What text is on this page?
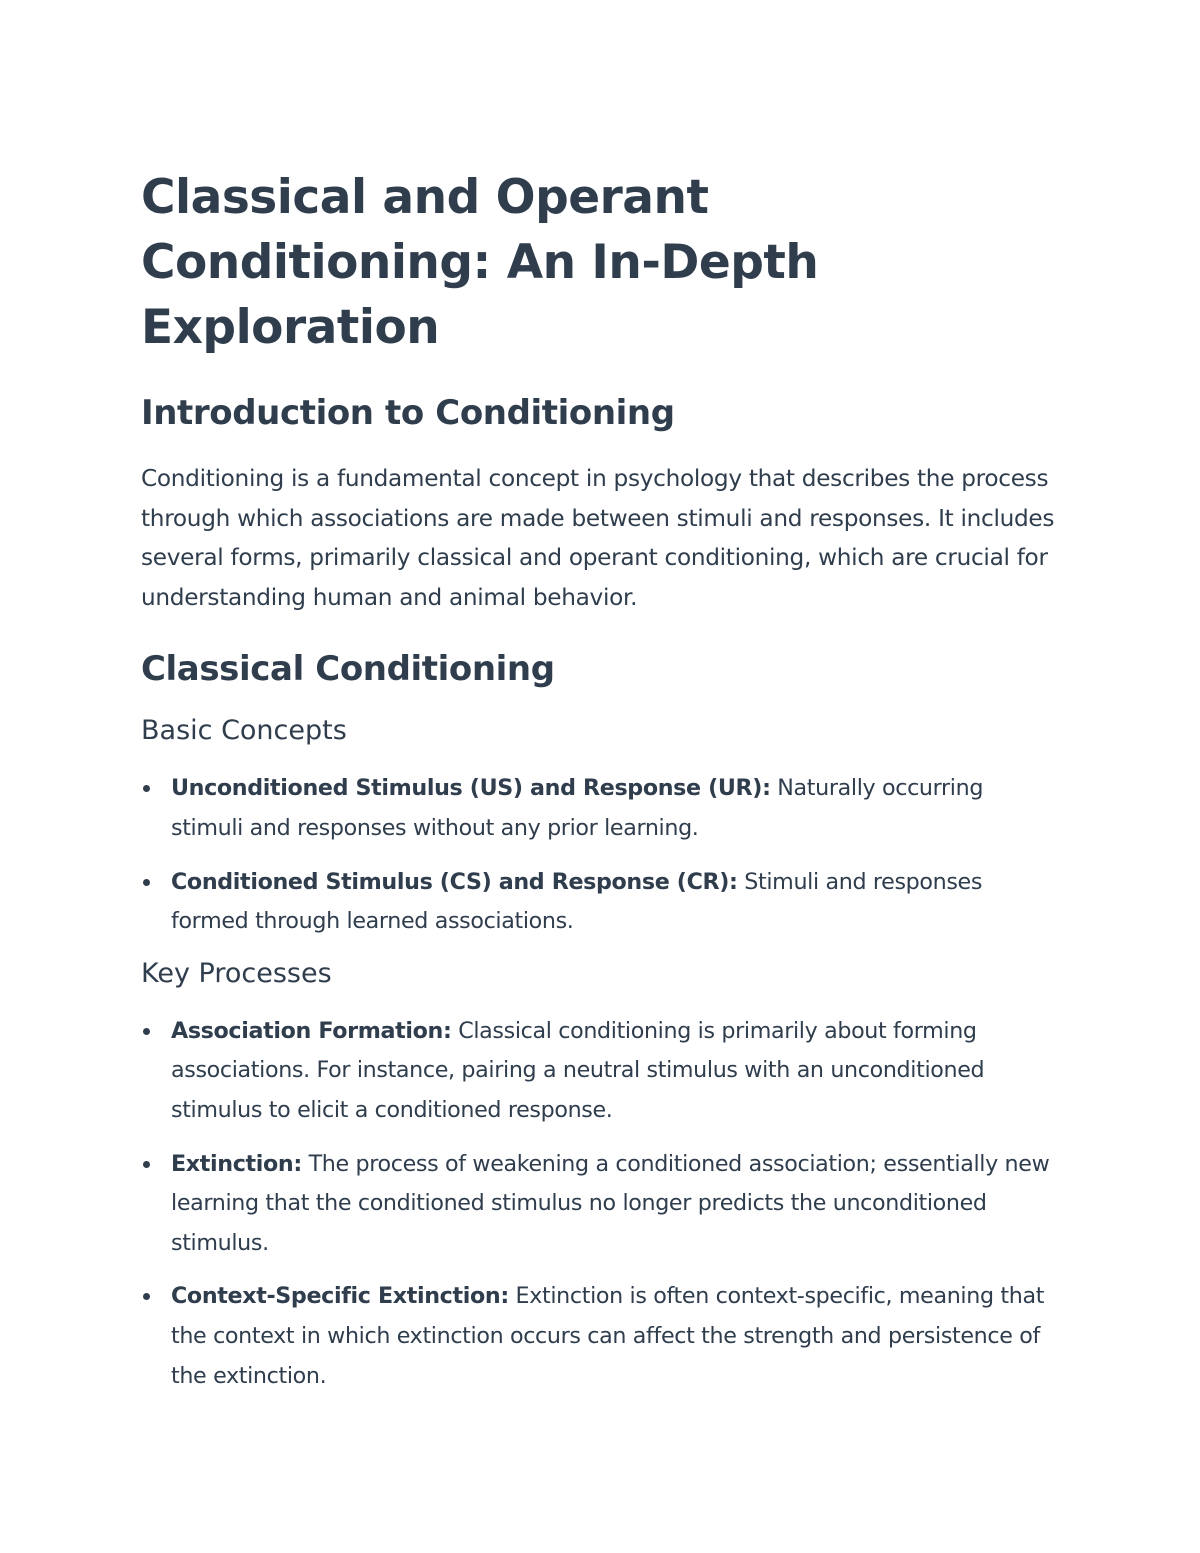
Classical and Operant Conditioning: An In-Depth Exploration
Introduction to Conditioning

Conditioning is a fundamental concept in psychology that describes the process through which associations are made between stimuli and responses. It includes several forms, primarily classical and operant conditioning, which are crucial for understanding human and animal behavior.

Classical Conditioning
Basic Concepts
Unconditioned Stimulus (US) and Response (UR): Naturally occurring stimuli and responses without any prior learning.
Conditioned Stimulus (CS) and Response (CR): Stimuli and responses formed through learned associations.
Key Processes
Association Formation: Classical conditioning is primarily about forming associations. For instance, pairing a neutral stimulus with an unconditioned stimulus to elicit a conditioned response.
Extinction: The process of weakening a conditioned association; essentially new learning that the conditioned stimulus no longer predicts the unconditioned stimulus.
Context-Specific Extinction: Extinction is often context-specific, meaning that the context in which extinction occurs can affect the strength and persistence of the extinction.
